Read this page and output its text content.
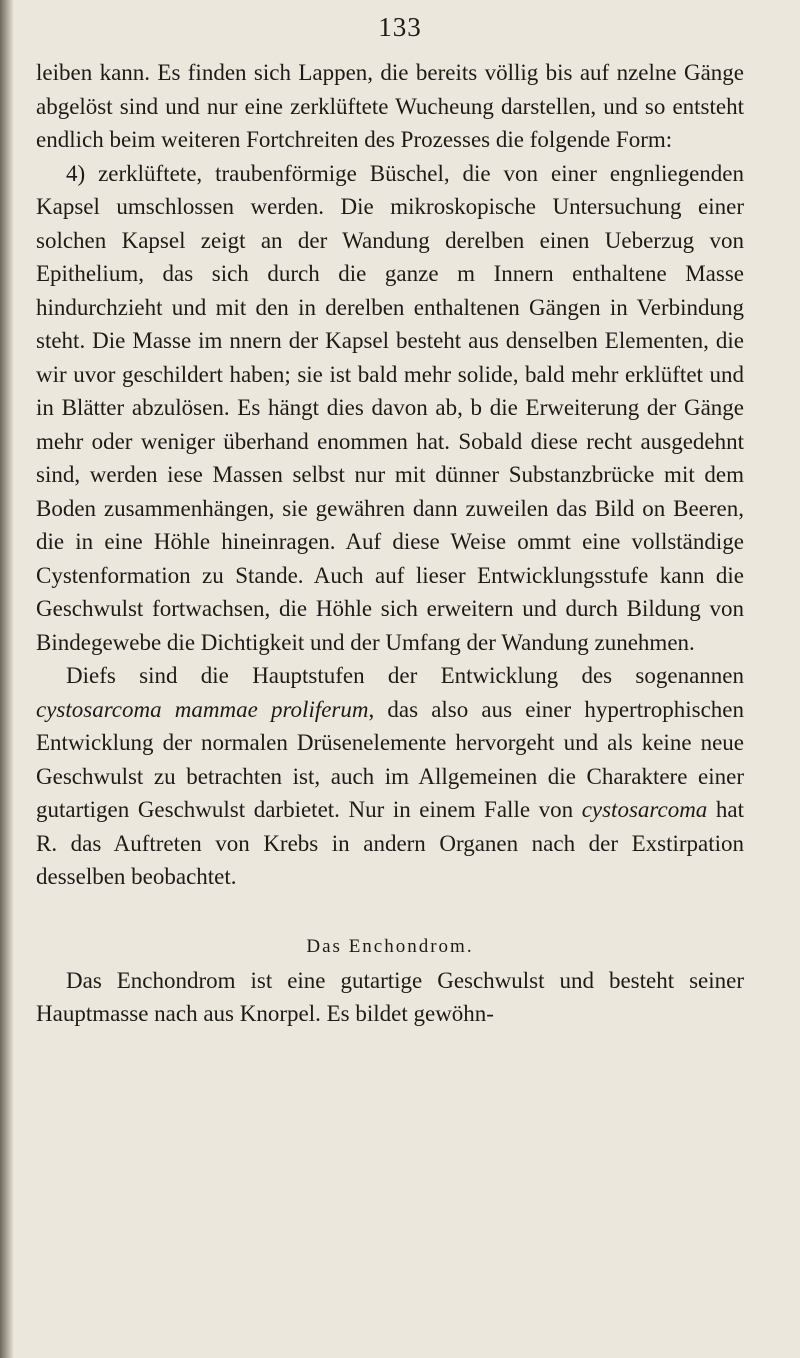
133

leiben kann. Es finden sich Lappen, die bereits völlig bis auf nzelne Gänge abgelöst sind und nur eine zerklüftete Wucheung darstellen, und so entsteht endlich beim weiteren Fortchreiten des Prozesses die folgende Form:

4) zerklüftete, traubenförmige Büschel, die von einer engnliegenden Kapsel umschlossen werden. Die mikroskopische Untersuchung einer solchen Kapsel zeigt an der Wandung derelben einen Ueberzug von Epithelium, das sich durch die ganze m Innern enthaltene Masse hindurchzieht und mit den in derelben enthaltenen Gängen in Verbindung steht. Die Masse im nnern der Kapsel besteht aus denselben Elementen, die wir uvor geschildert haben; sie ist bald mehr solide, bald mehr erklüftet und in Blätter abzulösen. Es hängt dies davon ab, b die Erweiterung der Gänge mehr oder weniger überhand enommen hat. Sobald diese recht ausgedehnt sind, werden iese Massen selbst nur mit dünner Substanzbrücke mit dem Boden zusammenhängen, sie gewähren dann zuweilen das Bild on Beeren, die in eine Höhle hineinragen. Auf diese Weise ommt eine vollständige Cystenformation zu Stande. Auch auf lieser Entwicklungsstufe kann die Geschwulst fortwachsen, die Höhle sich erweitern und durch Bildung von Bindegewebe die Dichtigkeit und der Umfang der Wandung zunehmen.

Diefs sind die Hauptstufen der Entwicklung des sogenannen cystosarcoma mammae proliferum, das also aus einer hypertrophischen Entwicklung der normalen Drüsenelemente hervorgeht und als keine neue Geschwulst zu betrachten ist, auch im Allgemeinen die Charaktere einer gutartigen Geschwulst darbietet. Nur in einem Falle von cystosarcoma hat R. das Auftreten von Krebs in andern Organen nach der Exstirpation desselben beobachtet.

Das Enchondrom.

Das Enchondrom ist eine gutartige Geschwulst und besteht seiner Hauptmasse nach aus Knorpel. Es bildet gewöhn-
